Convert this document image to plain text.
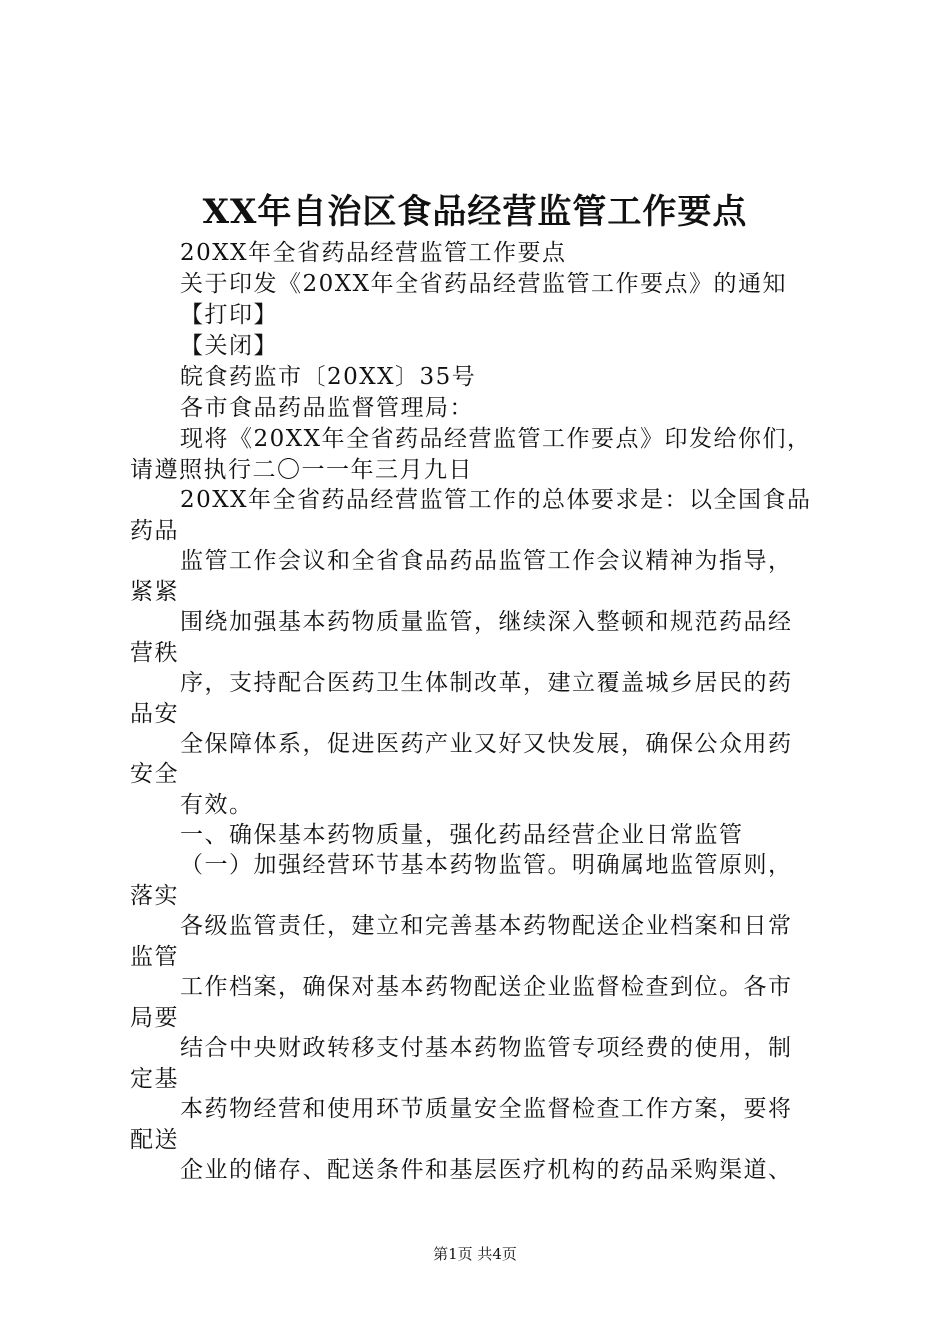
XX年自治区食品经营监管工作要点
20XX年全省药品经营监管工作要点
关于印发《20XX年全省药品经营监管工作要点》的通知
【打印】
【关闭】
皖食药监市〔20XX〕35号
各市食品药品监督管理局：
现将《20XX年全省药品经营监管工作要点》印发给你们，
请遵照执行二〇一一年三月九日
20XX年全省药品经营监管工作的总体要求是：以全国食品
药品
监管工作会议和全省食品药品监管工作会议精神为指导，
紧紧
围绕加强基本药物质量监管，继续深入整顿和规范药品经
营秩
序，支持配合医药卫生体制改革，建立覆盖城乡居民的药
品安
全保障体系，促进医药产业又好又快发展，确保公众用药
安全
有效。
一、确保基本药物质量，强化药品经营企业日常监管
（一）加强经营环节基本药物监管。明确属地监管原则，
落实
各级监管责任，建立和完善基本药物配送企业档案和日常
监管
工作档案，确保对基本药物配送企业监督检查到位。各市
局要
结合中央财政转移支付基本药物监管专项经费的使用，制
定基
本药物经营和使用环节质量安全监督检查工作方案，要将
配送
企业的储存、配送条件和基层医疗机构的药品采购渠道、
第1页 共4页
